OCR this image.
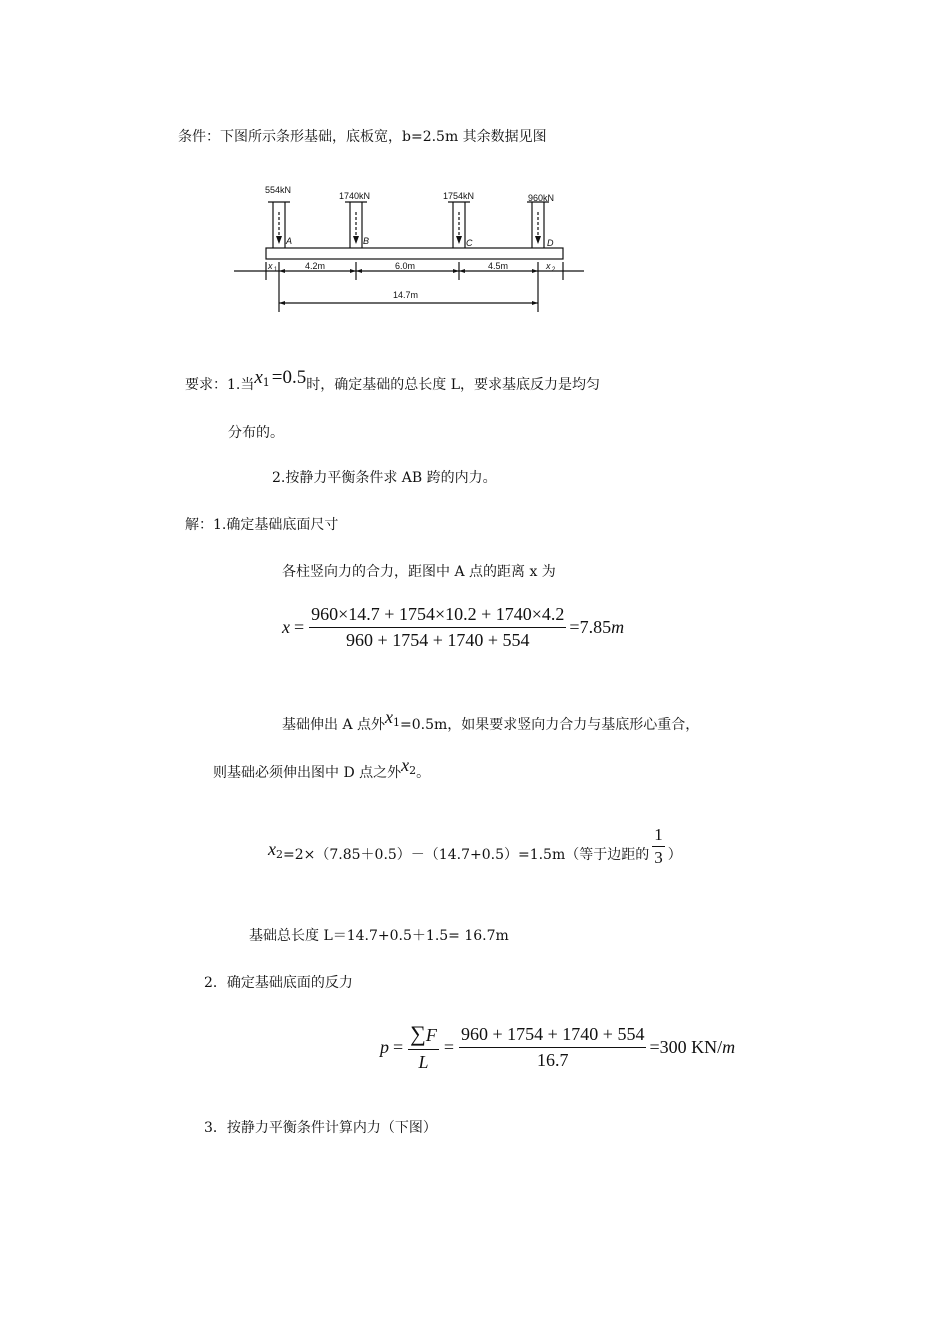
条件：下图所示条形基础，底板宽，b=2.5m 其余数据见图
554kN
1740kN	1754kN	960kN
A	B	C	D
4.2m	6.0m	4.5m
14.7m
x 1	x 2
要求：1.当$x^1 =0.5$时，确定基础的总长度 L，要求基底反力是均匀
分布的。
2.按静力平衡条件求 AB 跨的内力。
解：1.确定基础底面尺寸
各柱竖向力的合力，距图中 A 点的距离 x 为
$x = \frac{960\times 14.7 + 1754\times 10.2 + 1740\times 4.2}{960 + 1754 + 1740 + 554} =7.85$ m
基础伸出 A 点外$x^1=0.5m$，如果要求竖向力合力与基底形心重合，
则基础必须伸出图中 D 点之外$x^2$。
x 2 =2×（7.85＋0.5）－（14.7+0.5）=1.5m（等于边距的 $\frac{1}{3}$ ）
基础总长度 L＝14.7+0.5＋1.5= 16.7m
2．确定基础底面的反力
$p = \frac{\sum F}{L} = \frac{960 + 1754 + 1740 + 554}{16.7} =300$ KN/ m
3．按静力平衡条件计算内力（下图）
